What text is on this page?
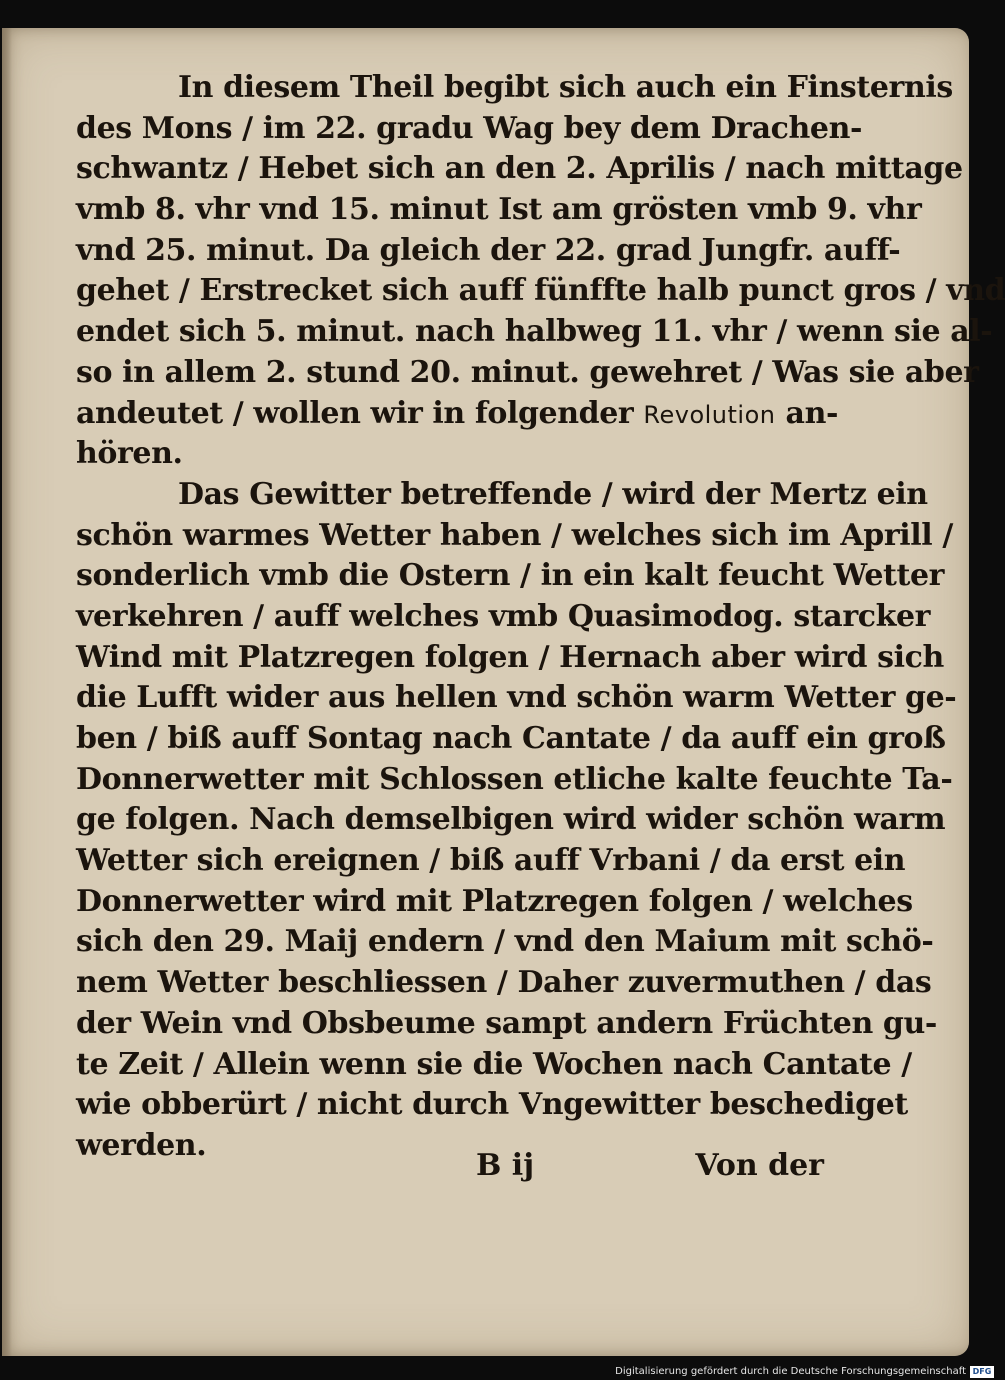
In diesem Theil begibt sich auch ein Finsternis
des Mons / im 22. gradu Wag bey dem Drachen-
schwantz / Hebet sich an den 2. Aprilis / nach mittage
vmb 8. vhr vnd 15. minut Ist am grösten vmb 9. vhr
vnd 25. minut. Da gleich der 22. grad Jungfr. auff-
gehet / Erstrecket sich auff fünffte halb punct gros / vnd
endet sich 5. minut. nach halbweg 11. vhr / wenn sie al-
so in allem 2. stund 20. minut. gewehret / Was sie aber
andeutet / wollen wir in folgender Revolution an-
hören.
Das Gewitter betreffende / wird der Mertz ein
schön warmes Wetter haben / welches sich im Aprill /
sonderlich vmb die Ostern / in ein kalt feucht Wetter
verkehren / auff welches vmb Quasimodog. starcker
Wind mit Platzregen folgen / Hernach aber wird sich
die Lufft wider aus hellen vnd schön warm Wetter ge-
ben / biß auff Sontag nach Cantate / da auff ein groß
Donnerwetter mit Schlossen etliche kalte feuchte Ta-
ge folgen. Nach demselbigen wird wider schön warm
Wetter sich ereignen / biß auff Vrbani / da erst ein
Donnerwetter wird mit Platzregen folgen / welches
sich den 29. Maij endern / vnd den Maium mit schö-
nem Wetter beschliessen / Daher zuvermuthen / das
der Wein vnd Obsbeume sampt andern Früchten gu-
te Zeit / Allein wenn sie die Wochen nach Cantate /
wie obberürt / nicht durch Vngewitter beschediget
werden.
B ij	Von der
Digitalisierung gefördert durch die Deutsche Forschungsgemeinschaft DFG
